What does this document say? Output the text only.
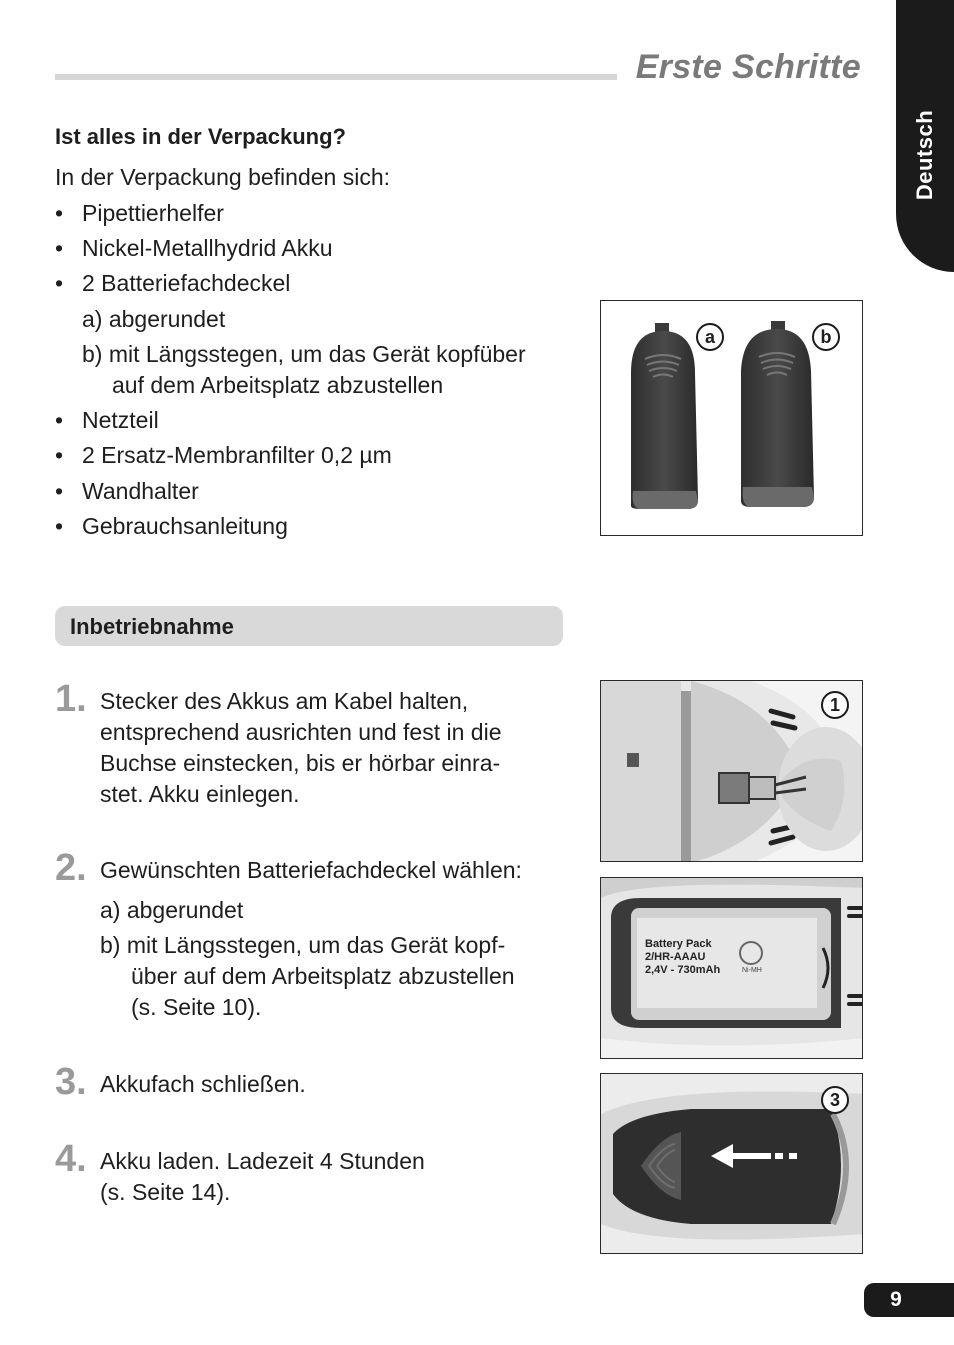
Erste Schritte
Deutsch
Ist alles in der Verpackung?
In der Verpackung befinden sich:
• Pipettierhelfer
• Nickel-Metallhydrid Akku
• 2 Batteriefachdeckel
a) abgerundet
b) mit Längsstegen, um das Gerät kopfüber
auf dem Arbeitsplatz abzustellen
• Netzteil
• 2 Ersatz-Membranfilter 0,2 µm
• Wandhalter
• Gebrauchsanleitung
a	b
Inbetriebnahme
1. Stecker des Akkus am Kabel halten,
entsprechend ausrichten und fest in die
Buchse einstecken, bis er hörbar einra-
stet. Akku einlegen.
2. Gewünschten Batteriefachdeckel wählen:
a) abgerundet
b) mit Längsstegen, um das Gerät kopf-
über auf dem Arbeitsplatz abzustellen
(s. Seite 10).
3. Akkufach schließen.
4. Akku laden. Ladezeit 4 Stunden
(s. Seite 14).
1
Battery Pack
2/HR-AAAU
2,4V - 730mAh	Ni-MH
3
9
